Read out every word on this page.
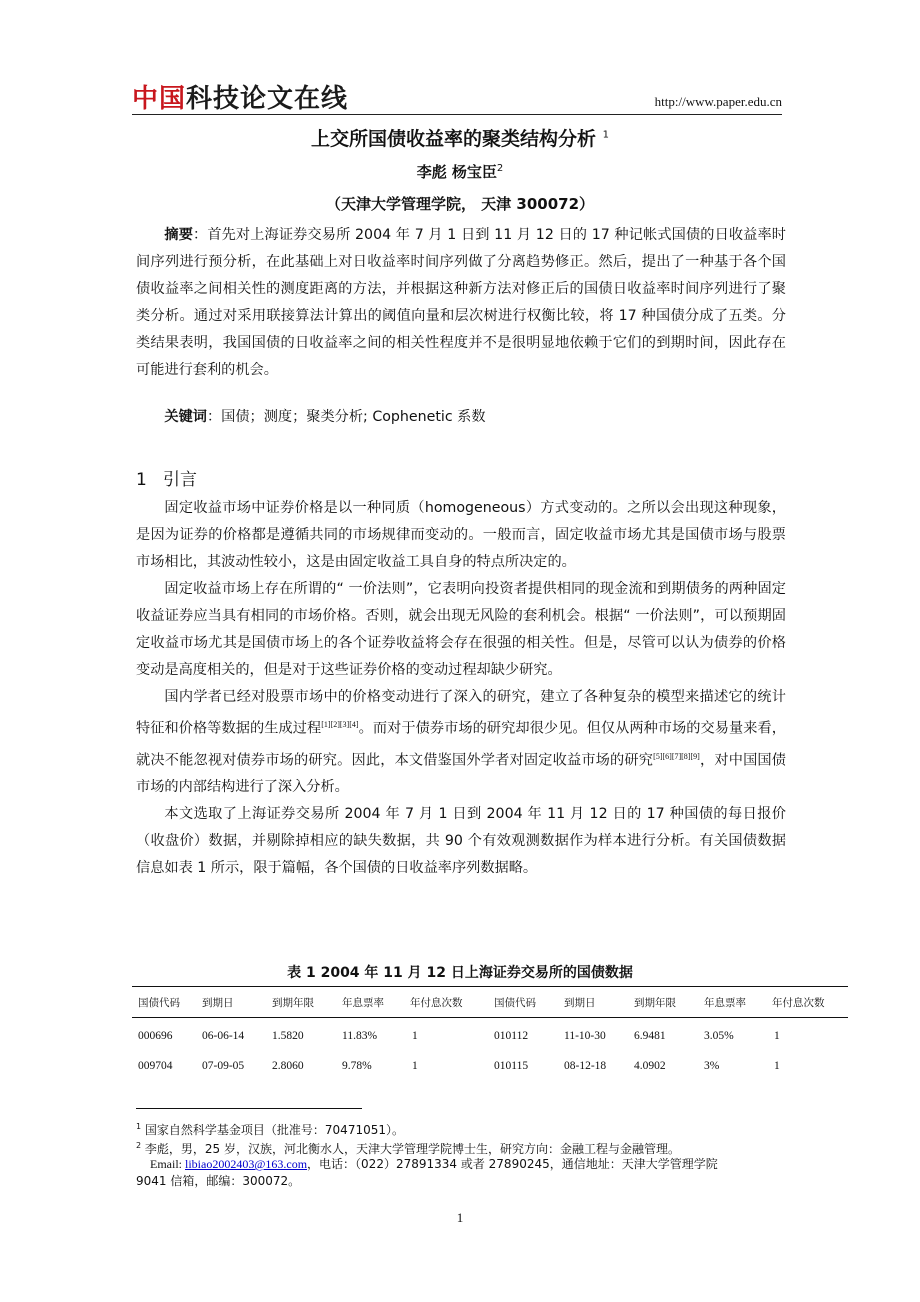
中国科技论文在线	http://www.paper.edu.cn
上交所国债收益率的聚类结构分析 $^1$
李彪 杨宝臣$^2$
（天津大学管理学院， 天津 300072）

摘要：首先对上海证券交易所 2004 年 7 月 1 日到 11 月 12 日的 17 种记帐式国债的日收益率时间序列进行预分析，在此基础上对日收益率时间序列做了分离趋势修正。然后，提出了一种基于各个国债收益率之间相关性的测度距离的方法，并根据这种新方法对修正后的国债日收益率时间序列进行了聚类分析。通过对采用联接算法计算出的阈值向量和层次树进行权衡比较，将 17 种国债分成了五类。分类结果表明，我国国债的日收益率之间的相关性程度并不是很明显地依赖于它们的到期时间，因此存在可能进行套利的机会。

关键词：国债；测度；聚类分析; Cophenetic 系数

1 引言

固定收益市场中证券价格是以一种同质（homogeneous）方式变动的。之所以会出现这种现象，是因为证券的价格都是遵循共同的市场规律而变动的。一般而言，固定收益市场尤其是国债市场与股票市场相比，其波动性较小，这是由固定收益工具自身的特点所决定的。

固定收益市场上存在所谓的“ 一价法则”，它表明向投资者提供相同的现金流和到期债务的两种固定收益证券应当具有相同的市场价格。否则，就会出现无风险的套利机会。根据“ 一价法则”，可以预期固定收益市场尤其是国债市场上的各个证券收益将会存在很强的相关性。但是，尽管可以认为债券的价格变动是高度相关的，但是对于这些证券价格的变动过程却缺少研究。

国内学者已经对股票市场中的价格变动进行了深入的研究，建立了各种复杂的模型来描述它的统计特征和价格等数据的生成过程[1][2][3][4]。而对于债券市场的研究却很少见。但仅从两种市场的交易量来看，就决不能忽视对债券市场的研究。因此，本文借鉴国外学者对固定收益市场的研究[5][6][7][8][9]，对中国国债市场的内部结构进行了深入分析。

本文选取了上海证券交易所 2004 年 7 月 1 日到 2004 年 11 月 12 日的 17 种国债的每日报价（收盘价）数据，并剔除掉相应的缺失数据，共 90 个有效观测数据作为样本进行分析。有关国债数据信息如表 1 所示，限于篇幅，各个国债的日收益率序列数据略。

表 1 2004 年 11 月 12 日上海证券交易所的国债数据
国债代码 到期日	到期年限	年息票率 年付息次数	国债代码	到期日	到期年限	年息票率 年付息次数
000696	06-06-14 1.5820	11.83%	1	010112	11-10-30 6.9481	3.05%	1
009704	07-09-05 2.8060	9.78%	1	010115	08-12-18 4.0902	3%	1
$^1$ 国家自然科学基金项目（批准号：70471051）。
$^2$ 李彪，男，25 岁，汉族，河北衡水人，天津大学管理学院博士生，研究方向：金融工程与金融管理。
Email: libiao2002403@163.com，电话：（022）27891334 或者 27890245，通信地址：天津大学管理学院
9041 信箱，邮编：300072。
1
